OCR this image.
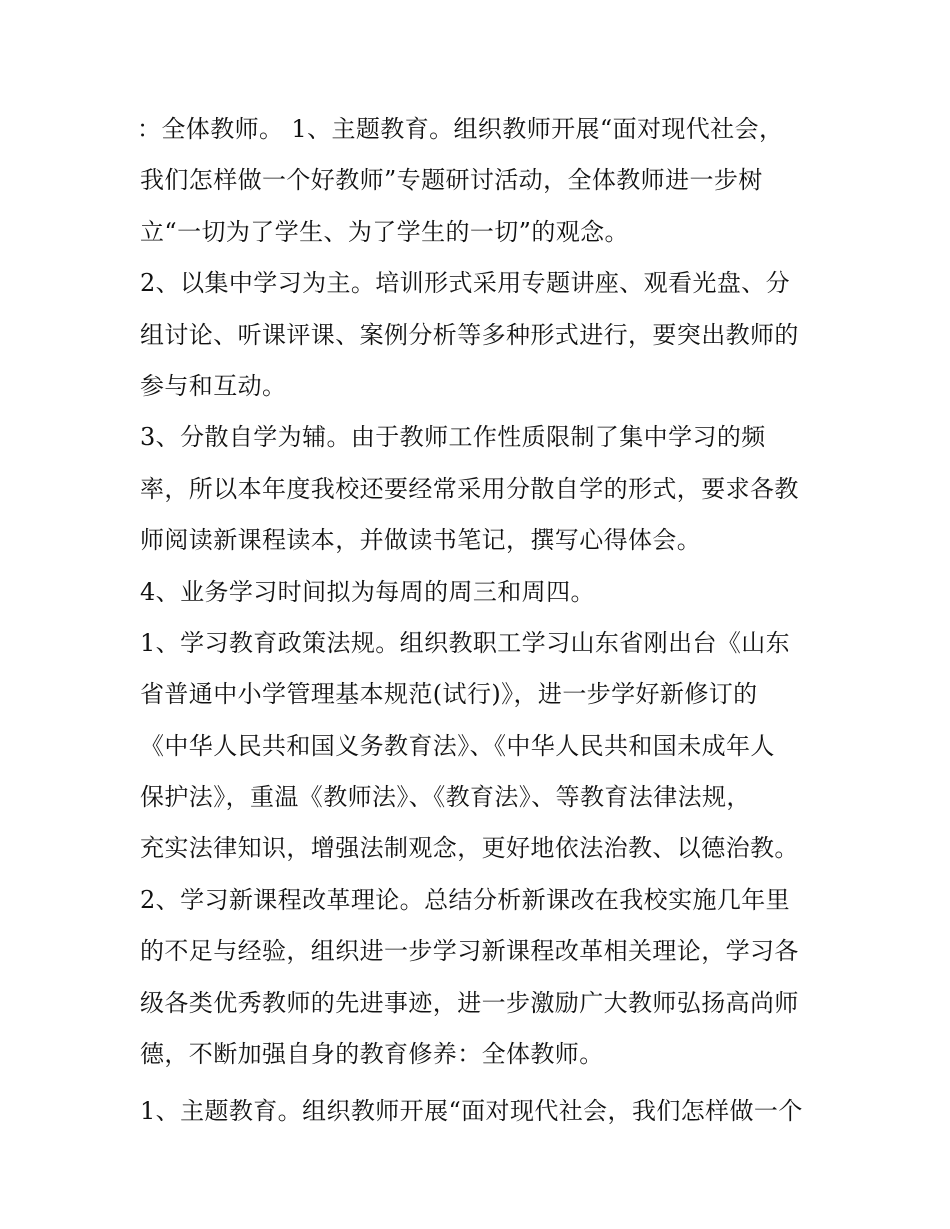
：全体教师。 1、主题教育。组织教师开展“面对现代社会，
我们怎样做一个好教师”专题研讨活动，全体教师进一步树
立“一切为了学生、为了学生的一切”的观念。
2、以集中学习为主。培训形式采用专题讲座、观看光盘、分
组讨论、听课评课、案例分析等多种形式进行，要突出教师的
参与和互动。
3、分散自学为辅。由于教师工作性质限制了集中学习的频
率，所以本年度我校还要经常采用分散自学的形式，要求各教
师阅读新课程读本，并做读书笔记，撰写心得体会。
4、业务学习时间拟为每周的周三和周四。
1、学习教育政策法规。组织教职工学习山东省刚出台《山东
省普通中小学管理基本规范(试行)》，进一步学好新修订的
《中华人民共和国义务教育法》、《中华人民共和国未成年人
保护法》，重温《教师法》、《教育法》、等教育法律法规，
充实法律知识，增强法制观念，更好地依法治教、以德治教。
2、学习新课程改革理论。总结分析新课改在我校实施几年里
的不足与经验，组织进一步学习新课程改革相关理论，学习各
级各类优秀教师的先进事迹，进一步激励广大教师弘扬高尚师
德，不断加强自身的教育修养：全体教师。
1、主题教育。组织教师开展“面对现代社会，我们怎样做一个
